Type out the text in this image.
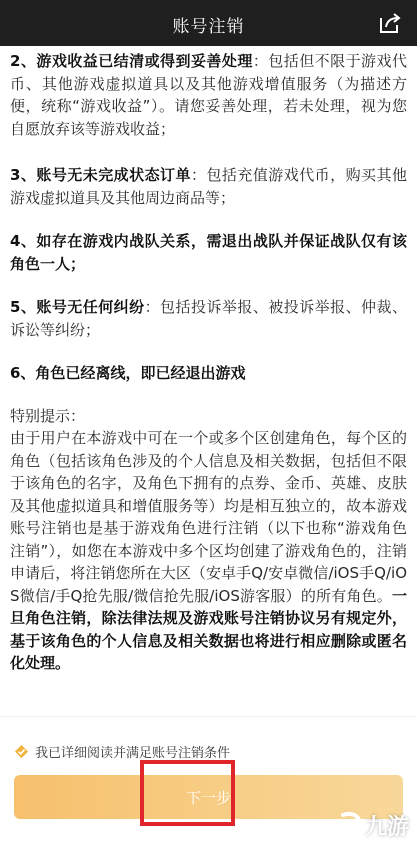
账号注销

2、游戏收益已结清或得到妥善处理：包括但不限于游戏代币、其他游戏虚拟道具以及其他游戏增值服务（为描述方便，统称“游戏收益”）。请您妥善处理，若未处理，视为您自愿放弃该等游戏收益；

3、账号无未完成状态订单：包括充值游戏代币，购买其他游戏虚拟道具及其他周边商品等；

4、如存在游戏内战队关系，需退出战队并保证战队仅有该角色一人；

5、账号无任何纠纷：包括投诉举报、被投诉举报、仲裁、诉讼等纠纷；

6、角色已经离线，即已经退出游戏

特别提示：

由于用户在本游戏中可在一个或多个区创建角色，每个区的角色（包括该角色涉及的个人信息及相关数据，包括但不限于该角色的名字，及角色下拥有的点券、金币、英雄、皮肤及其他虚拟道具和增值服务等）均是相互独立的，故本游戏账号注销也是基于游戏角色进行注销（以下也称“游戏角色注销”），如您在本游戏中多个区均创建了游戏角色的，注销申请后，将注销您所在大区（安卓手Q/安卓微信/iOS手Q/iOS微信/手Q抢先服/微信抢先服/iOS游客服）的所有角色。一旦角色注销，除法律法规及游戏账号注销协议另有规定外，基于该角色的个人信息及相关数据也将进行相应删除或匿名化处理。

我已详细阅读并满足账号注销条件
下一步
九游
